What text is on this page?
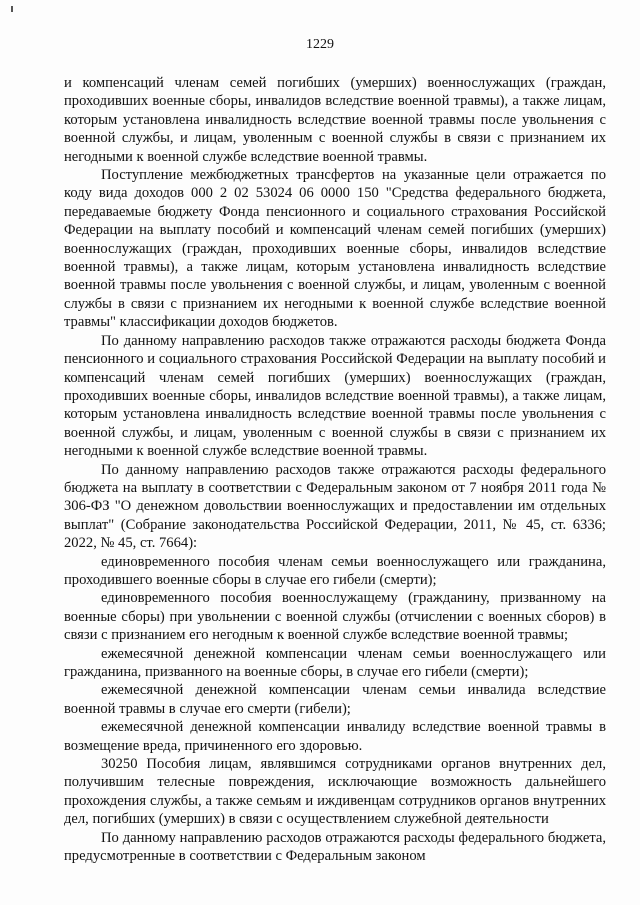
1229

и компенсаций членам семей погибших (умерших) военнослужащих (граждан, проходивших военные сборы, инвалидов вследствие военной травмы), а также лицам, которым установлена инвалидность вследствие военной травмы после увольнения с военной службы, и лицам, уволенным с военной службы в связи с признанием их негодными к военной службе вследствие военной травмы.

Поступление межбюджетных трансфертов на указанные цели отражается по коду вида доходов 000 2 02 53024 06 0000 150 "Средства федерального бюджета, передаваемые бюджету Фонда пенсионного и социального страхования Российской Федерации на выплату пособий и компенсаций членам семей погибших (умерших) военнослужащих (граждан, проходивших военные сборы, инвалидов вследствие военной травмы), а также лицам, которым установлена инвалидность вследствие военной травмы после увольнения с военной службы, и лицам, уволенным с военной службы в связи с признанием их негодными к военной службе вследствие военной травмы" классификации доходов бюджетов.

По данному направлению расходов также отражаются расходы бюджета Фонда пенсионного и социального страхования Российской Федерации на выплату пособий и компенсаций членам семей погибших (умерших) военнослужащих (граждан, проходивших военные сборы, инвалидов вследствие военной травмы), а также лицам, которым установлена инвалидность вследствие военной травмы после увольнения с военной службы, и лицам, уволенным с военной службы в связи с признанием их негодными к военной службе вследствие военной травмы.

По данному направлению расходов также отражаются расходы федерального бюджета на выплату в соответствии с Федеральным законом от 7 ноября 2011 года № 306-ФЗ "О денежном довольствии военнослужащих и предоставлении им отдельных выплат" (Собрание законодательства Российской Федерации, 2011, № 45, ст. 6336; 2022, № 45, ст. 7664):

единовременного пособия членам семьи военнослужащего или гражданина, проходившего военные сборы в случае его гибели (смерти);

единовременного пособия военнослужащему (гражданину, призванному на военные сборы) при увольнении с военной службы (отчислении с военных сборов) в связи с признанием его негодным к военной службе вследствие военной травмы;

ежемесячной денежной компенсации членам семьи военнослужащего или гражданина, призванного на военные сборы, в случае его гибели (смерти);

ежемесячной денежной компенсации членам семьи инвалида вследствие военной травмы в случае его смерти (гибели);

ежемесячной денежной компенсации инвалиду вследствие военной травмы в возмещение вреда, причиненного его здоровью.

30250 Пособия лицам, являвшимся сотрудниками органов внутренних дел, получившим телесные повреждения, исключающие возможность дальнейшего прохождения службы, а также семьям и иждивенцам сотрудников органов внутренних дел, погибших (умерших) в связи с осуществлением служебной деятельности

По данному направлению расходов отражаются расходы федерального бюджета, предусмотренные в соответствии с Федеральным законом
